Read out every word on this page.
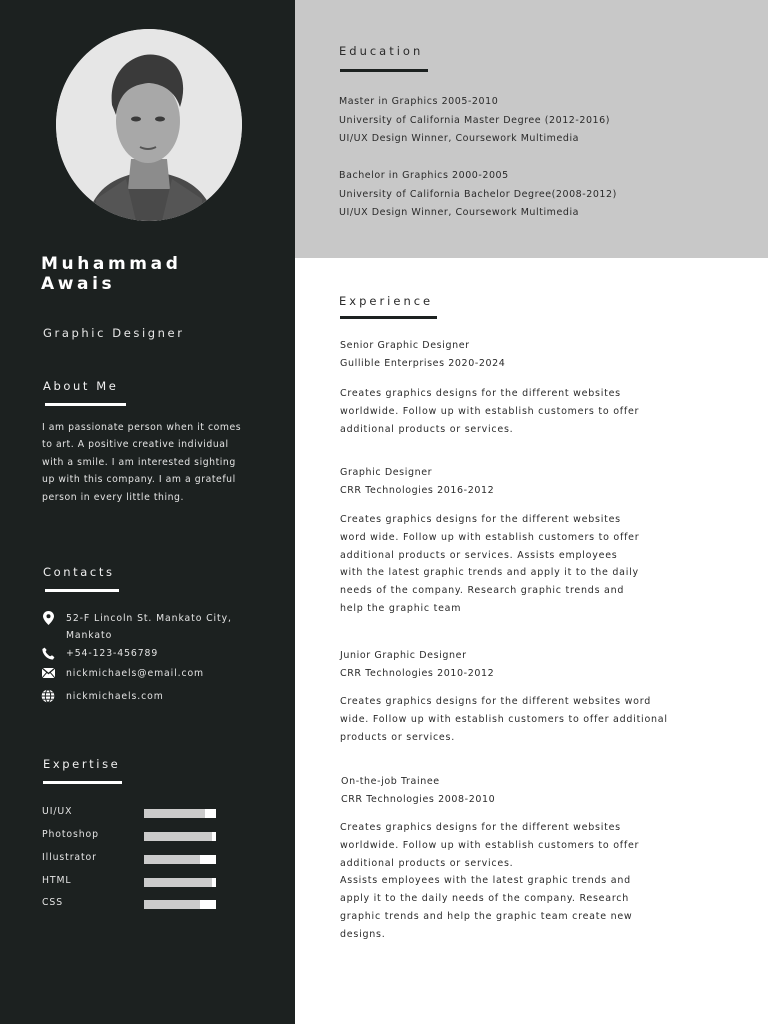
Muhammad
Awais
Graphic Designer
About Me
I am passionate person when it comes
to art. A positive creative individual
with a smile. I am interested sighting
up with this company. I am a grateful
person in every little thing.
Contacts
52-F Lincoln St. Mankato City,
Mankato
+54-123-456789
nickmichaels@email.com
nickmichaels.com
Expertise
UI/UX
Photoshop
Illustrator
HTML
CSS
Education
Master in Graphics 2005-2010
University of California Master Degree (2012-2016)
UI/UX Design Winner, Coursework Multimedia
Bachelor in Graphics 2000-2005
University of California Bachelor Degree(2008-2012)
UI/UX Design Winner, Coursework Multimedia
Experience
Senior Graphic Designer
Gullible Enterprises 2020-2024
Creates graphics designs for the different websites
worldwide. Follow up with establish customers to offer
additional products or services.
Graphic Designer
CRR Technologies 2016-2012
Creates graphics designs for the different websites
word wide. Follow up with establish customers to offer
additional products or services. Assists employees
with the latest graphic trends and apply it to the daily
needs of the company. Research graphic trends and
help the graphic team
Junior Graphic Designer
CRR Technologies 2010-2012
Creates graphics designs for the different websites word
wide. Follow up with establish customers to offer additional
products or services.
On-the-job Trainee
CRR Technologies 2008-2010
Creates graphics designs for the different websites
worldwide. Follow up with establish customers to offer
additional products or services.
Assists employees with the latest graphic trends and
apply it to the daily needs of the company. Research
graphic trends and help the graphic team create new
designs.
